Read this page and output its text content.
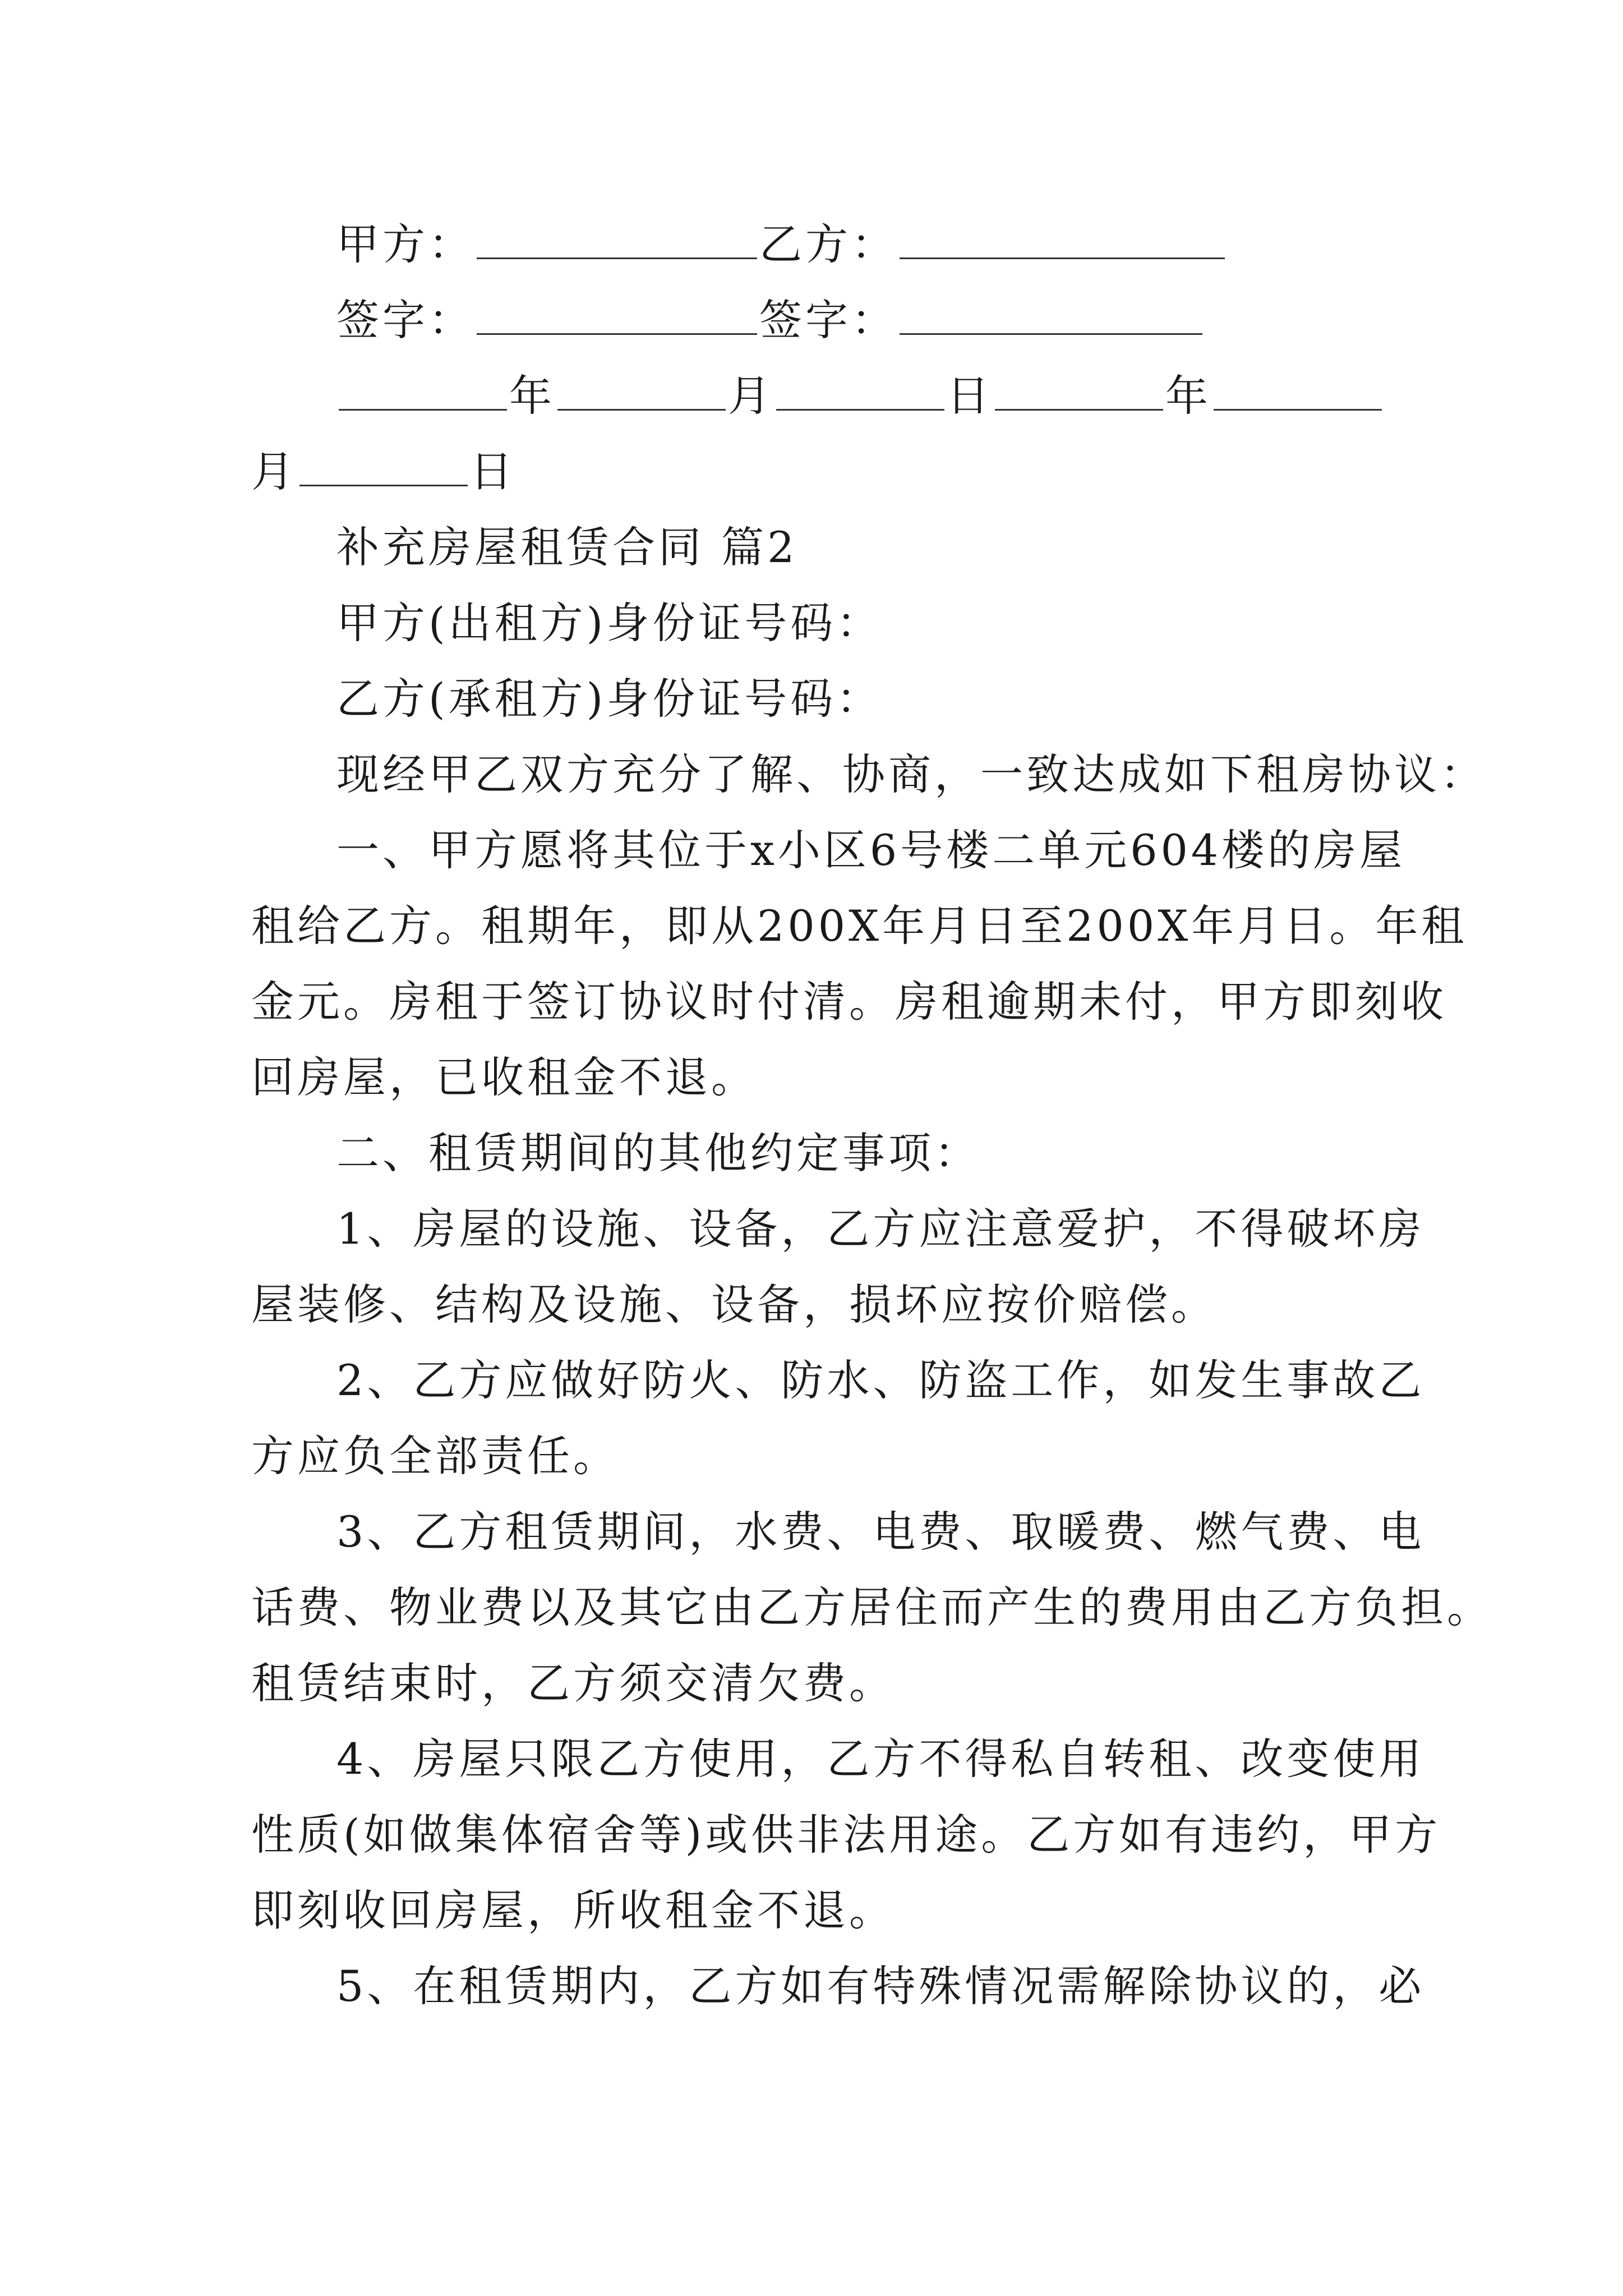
甲方：	乙方：
签字：	签字：
年	月	日	年
月	日
补充房屋租赁合同 篇2
甲方(出租方)身份证号码：
乙方(承租方)身份证号码：
现经甲乙双方充分了解、协商，一致达成如下租房协议：
一、甲方愿将其位于x小区6号楼二单元604楼的房屋
租给乙方。租期年，即从200X年月日至200X年月日。年租
金元。房租于签订协议时付清。房租逾期未付，甲方即刻收
回房屋，已收租金不退。
二、租赁期间的其他约定事项：
1、房屋的设施、设备，乙方应注意爱护，不得破坏房
屋装修、结构及设施、设备，损坏应按价赔偿。
2、乙方应做好防火、防水、防盗工作，如发生事故乙
方应负全部责任。
3、乙方租赁期间，水费、电费、取暖费、燃气费、电
话费、物业费以及其它由乙方居住而产生的费用由乙方负担。
租赁结束时，乙方须交清欠费。
4、房屋只限乙方使用，乙方不得私自转租、改变使用
性质(如做集体宿舍等)或供非法用途。乙方如有违约，甲方
即刻收回房屋，所收租金不退。
5、在租赁期内，乙方如有特殊情况需解除协议的，必
